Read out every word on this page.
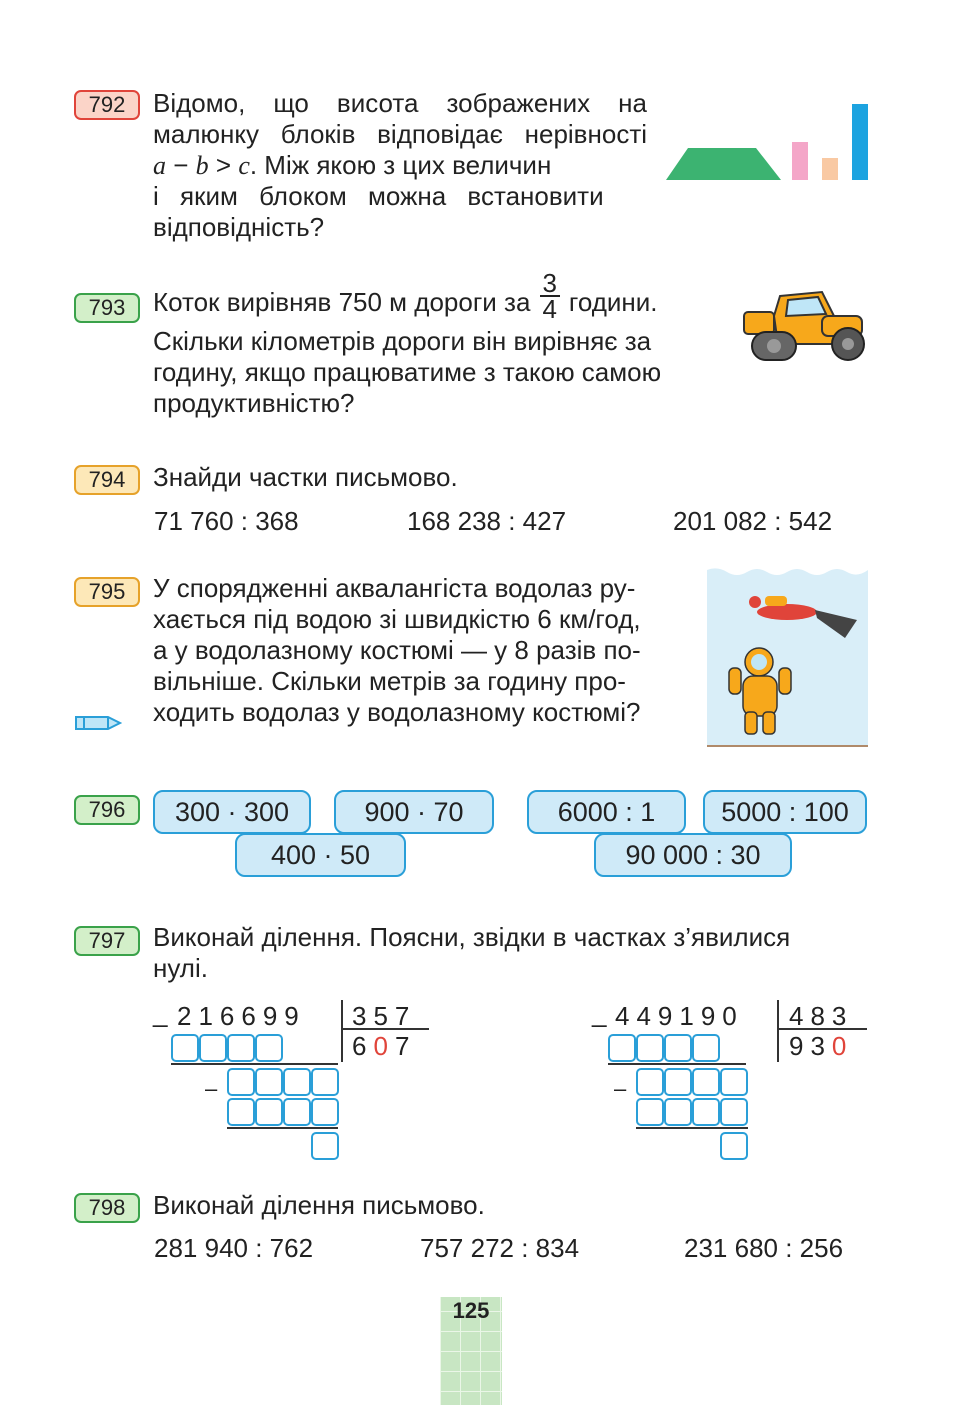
792	Відомо, що висота зображених на
малюнку блоків відповідає нерівності
a − b > c. Між якою з цих величин
і яким блоком можна встановити
відповідність?
793	Коток вирівняв 750 м дороги за $\frac{3}{4}$ години.
Скільки кілометрів дороги він вирівняє за
годину, якщо працюватиме з такою самою
продуктивністю?
794	Знайди частки письмово.
71 760 : 368	168 238 : 427	201 082 : 542
795	У спорядженні аквалангіста водолаз ру-
хається під водою зі швидкістю 6 км/год,
а у водолазному костюмі — у 8 разів по-
вільніше. Скільки метрів за годину про-
ходить водолаз у водолазному костюмі?
796	300 · 300	900 · 70
400 · 50
6000 : 1	5000 : 100
90 000 : 30
797	Виконай ділення. Поясни, звідки в частках з’явилися
нулі.
_ 216699 357
607
–
_ 449190 483
930
–
798	Виконай ділення письмово.
281 940 : 762	757 272 : 834	231 680 : 256
125
